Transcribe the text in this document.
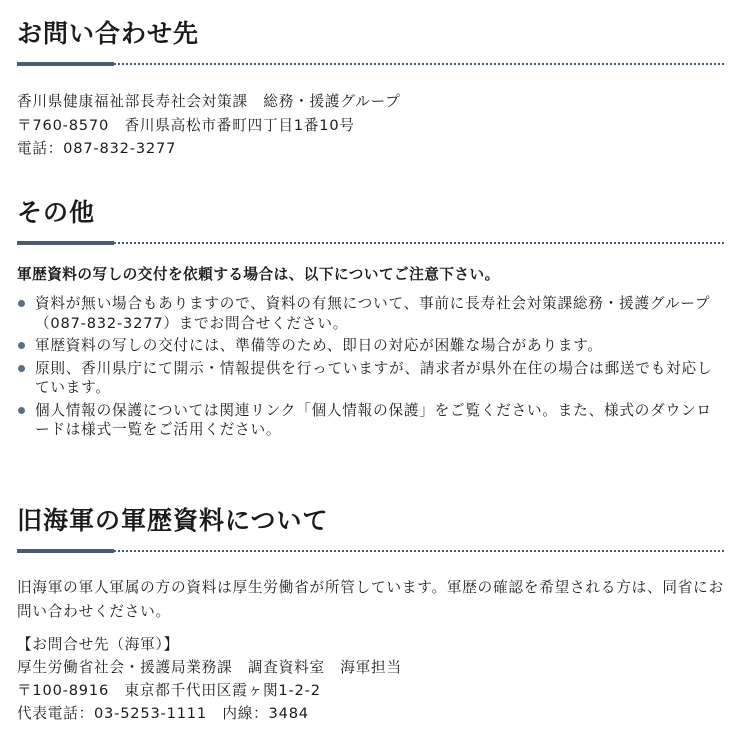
お問い合わせ先

香川県健康福祉部長寿社会対策課　総務・援護グループ

〒760-8570　香川県高松市番町四丁目1番10号

電話：087-832-3277

その他

軍歴資料の写しの交付を依頼する場合は、以下についてご注意下さい。

資料が無い場合もありますので、資料の有無について、事前に長寿社会対策課総務・援護グループ（087-832-3277）までお問合せください。
軍歴資料の写しの交付には、準備等のため、即日の対応が困難な場合があります。
原則、香川県庁にて開示・情報提供を行っていますが、請求者が県外在住の場合は郵送でも対応しています。
個人情報の保護については関連リンク「個人情報の保護」をご覧ください。また、様式のダウンロードは様式一覧をご活用ください。
旧海軍の軍歴資料について

旧海軍の軍人軍属の方の資料は厚生労働省が所管しています。軍歴の確認を希望される方は、同省にお問い合わせください。

【お問合せ先（海軍）】

厚生労働省社会・援護局業務課　調査資料室　海軍担当

〒100-8916　東京都千代田区霞ヶ関1-2-2

代表電話：03-5253-1111　内線：3484
